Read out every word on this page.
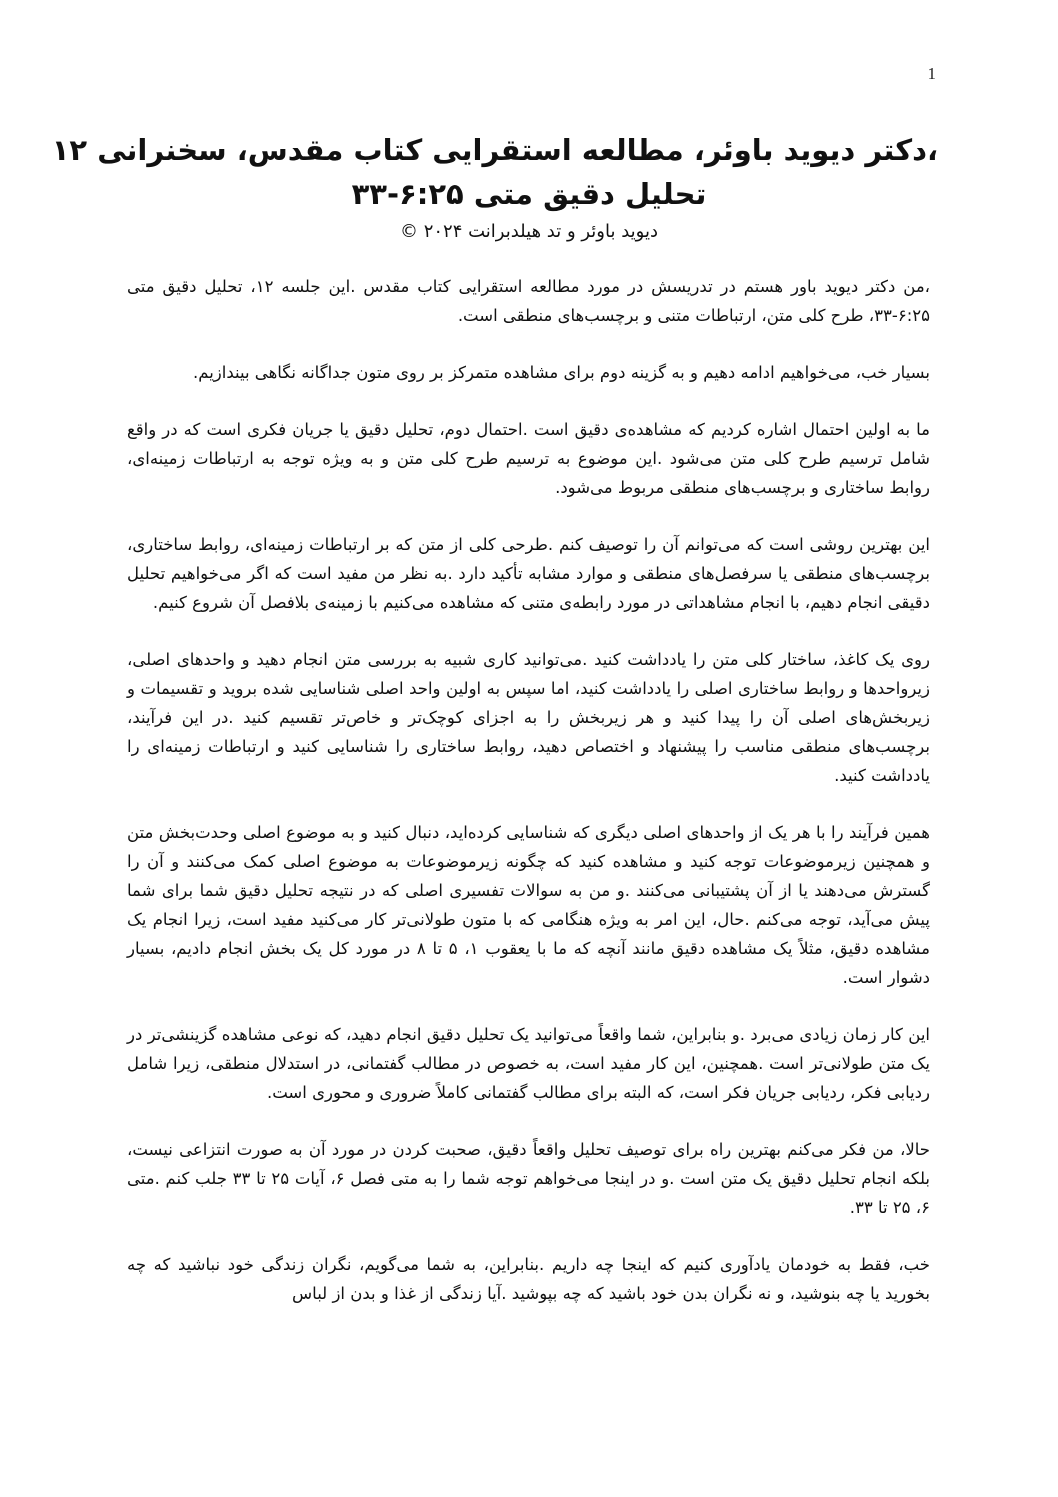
1
،دکتر دیوید باوئر، مطالعه استقرایی کتاب مقدس، سخنرانی ۱۲
تحلیل دقیق متی ۶:۲۵-۳۳
دیوید باوئر و تد هیلدبرانت ۲۰۲۴ ©

،من دکتر دیوید باور هستم در تدریسش در مورد مطالعه استقرایی کتاب مقدس .این جلسه ۱۲، تحلیل دقیق متی ۶:۲۵-۳۳، طرح کلی متن، ارتباطات متنی و برچسب‌های منطقی است.

بسیار خب، می‌خواهیم ادامه دهیم و به گزینه دوم برای مشاهده متمرکز بر روی متون جداگانه نگاهی بیندازیم.

ما به اولین احتمال اشاره کردیم که مشاهده‌ی دقیق است .احتمال دوم، تحلیل دقیق یا جریان فکری است که در واقع شامل ترسیم طرح کلی متن می‌شود .این موضوع به ترسیم طرح کلی متن و به ویژه توجه به ارتباطات زمینه‌ای، روابط ساختاری و برچسب‌های منطقی مربوط می‌شود.

این بهترین روشی است که می‌توانم آن را توصیف کنم .طرحی کلی از متن که بر ارتباطات زمینه‌ای، روابط ساختاری، برچسب‌های منطقی یا سرفصل‌های منطقی و موارد مشابه تأکید دارد .به نظر من مفید است که اگر می‌خواهیم تحلیل دقیقی انجام دهیم، با انجام مشاهداتی در مورد رابطه‌ی متنی که مشاهده می‌کنیم با زمینه‌ی بلافصل آن شروع کنیم.

روی یک کاغذ، ساختار کلی متن را یادداشت کنید .می‌توانید کاری شبیه به بررسی متن انجام دهید و واحدهای اصلی، زیرواحدها و روابط ساختاری اصلی را یادداشت کنید، اما سپس به اولین واحد اصلی شناسایی شده بروید و تقسیمات و زیربخش‌های اصلی آن را پیدا کنید و هر زیربخش را به اجزای کوچک‌تر و خاص‌تر تقسیم کنید .در این فرآیند، برچسب‌های منطقی مناسب را پیشنهاد و اختصاص دهید، روابط ساختاری را شناسایی کنید و ارتباطات زمینه‌ای را یادداشت کنید.

همین فرآیند را با هر یک از واحدهای اصلی دیگری که شناسایی کرده‌اید، دنبال کنید و به موضوع اصلی وحدت‌بخش متن و همچنین زیرموضوعات توجه کنید و مشاهده کنید که چگونه زیرموضوعات به موضوع اصلی کمک می‌کنند و آن را گسترش می‌دهند یا از آن پشتیبانی می‌کنند .و من به سوالات تفسیری اصلی که در نتیجه تحلیل دقیق شما برای شما پیش می‌آید، توجه می‌کنم .حال، این امر به ویژه هنگامی که با متون طولانی‌تر کار می‌کنید مفید است، زیرا انجام یک مشاهده دقیق، مثلاً یک مشاهده دقیق مانند آنچه که ما با یعقوب ۱، ۵ تا ۸ در مورد کل یک بخش انجام دادیم، بسیار دشوار است.

این کار زمان زیادی می‌برد .و بنابراین، شما واقعاً می‌توانید یک تحلیل دقیق انجام دهید، که نوعی مشاهده گزینشی‌تر در یک متن طولانی‌تر است .همچنین، این کار مفید است، به خصوص در مطالب گفتمانی، در استدلال منطقی، زیرا شامل ردیابی فکر، ردیابی جریان فکر است، که البته برای مطالب گفتمانی کاملاً ضروری و محوری است.

حالا، من فکر می‌کنم بهترین راه برای توصیف تحلیل واقعاً دقیق، صحبت کردن در مورد آن به صورت انتزاعی نیست، بلکه انجام تحلیل دقیق یک متن است .و در اینجا می‌خواهم توجه شما را به متی فصل ۶، آیات ۲۵ تا ۳۳ جلب کنم .متی ۶، ۲۵ تا ۳۳.

خب، فقط به خودمان یادآوری کنیم که اینجا چه داریم .بنابراین، به شما می‌گویم، نگران زندگی خود نباشید که چه بخورید یا چه بنوشید، و نه نگران بدن خود باشید که چه بپوشید .آیا زندگی از غذا و بدن از لباس
